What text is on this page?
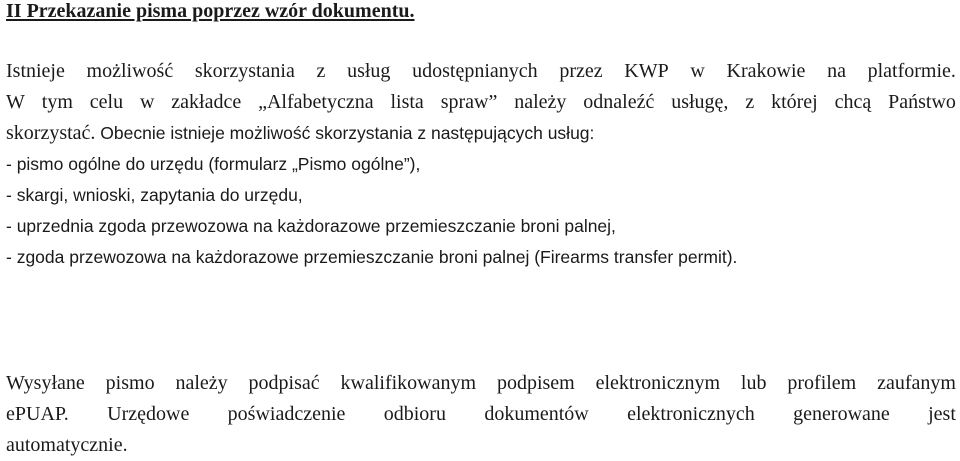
II Przekazanie pisma poprzez wzór dokumentu.
Istnieje możliwość skorzystania z usług udostępnianych przez KWP w Krakowie na platformie.
W tym celu w zakładce „Alfabetyczna lista spraw” należy odnaleźć usługę, z której chcą Państwo
skorzystać. Obecnie istnieje możliwość skorzystania z następujących usług:
- pismo ogólne do urzędu (formularz „Pismo ogólne”),
- skargi, wnioski, zapytania do urzędu,
- uprzednia zgoda przewozowa na każdorazowe przemieszczanie broni palnej,
- zgoda przewozowa na każdorazowe przemieszczanie broni palnej (Firearms transfer permit).
Wysyłane pismo należy podpisać kwalifikowanym podpisem elektronicznym lub profilem zaufanym
ePUAP. Urzędowe poświadczenie odbioru dokumentów elektronicznych generowane jest
automatycznie.
